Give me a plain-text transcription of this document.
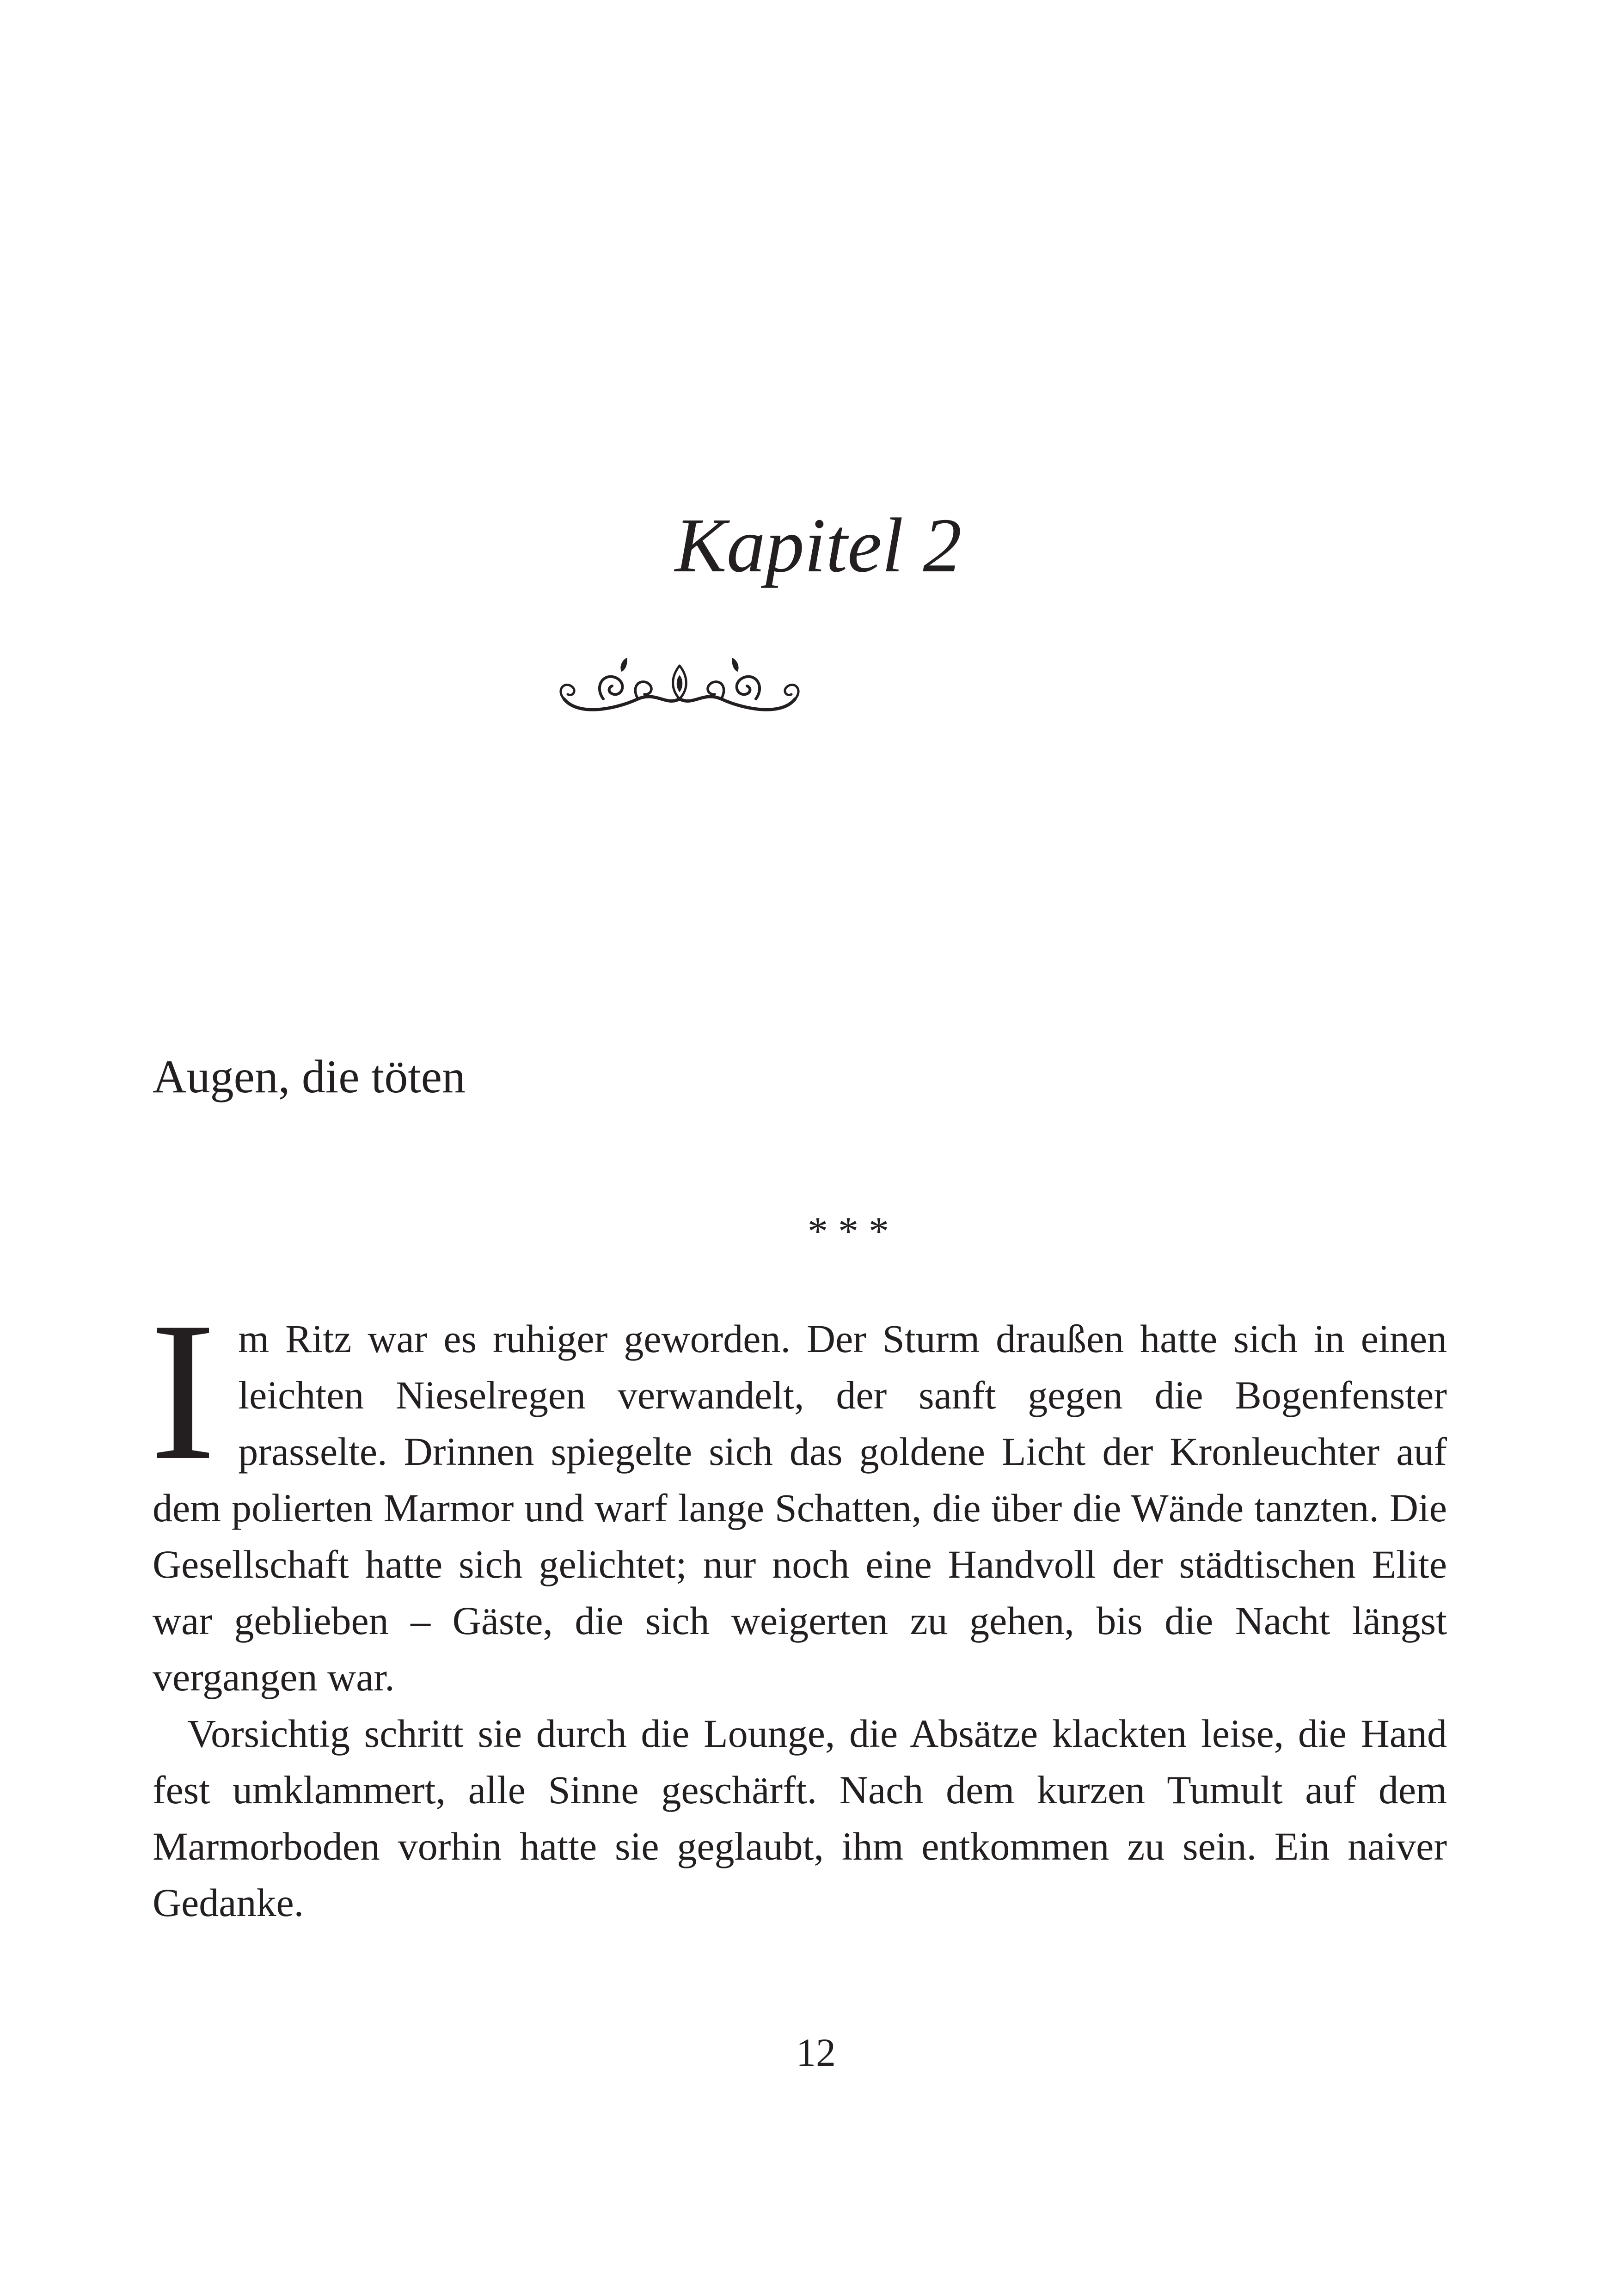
Kapitel 2
Augen, die töten
* * *

Im Ritz war es ruhiger geworden. Der Sturm draußen hatte sich in einen leichten Nieselregen verwandelt, der sanft gegen die Bogenfenster prasselte. Drinnen spiegelte sich das goldene Licht der Kronleuchter auf dem polierten Marmor und warf lange Schatten, die über die Wände tanzten. Die Gesellschaft hatte sich gelichtet; nur noch eine Handvoll der städtischen Elite war geblieben – Gäste, die sich weigerten zu gehen, bis die Nacht längst vergangen war.

Vorsichtig schritt sie durch die Lounge, die Absätze klackten leise, die Hand fest umklammert, alle Sinne geschärft. Nach dem kurzen Tumult auf dem Marmorboden vorhin hatte sie geglaubt, ihm entkommen zu sein. Ein naiver Gedanke.

12
